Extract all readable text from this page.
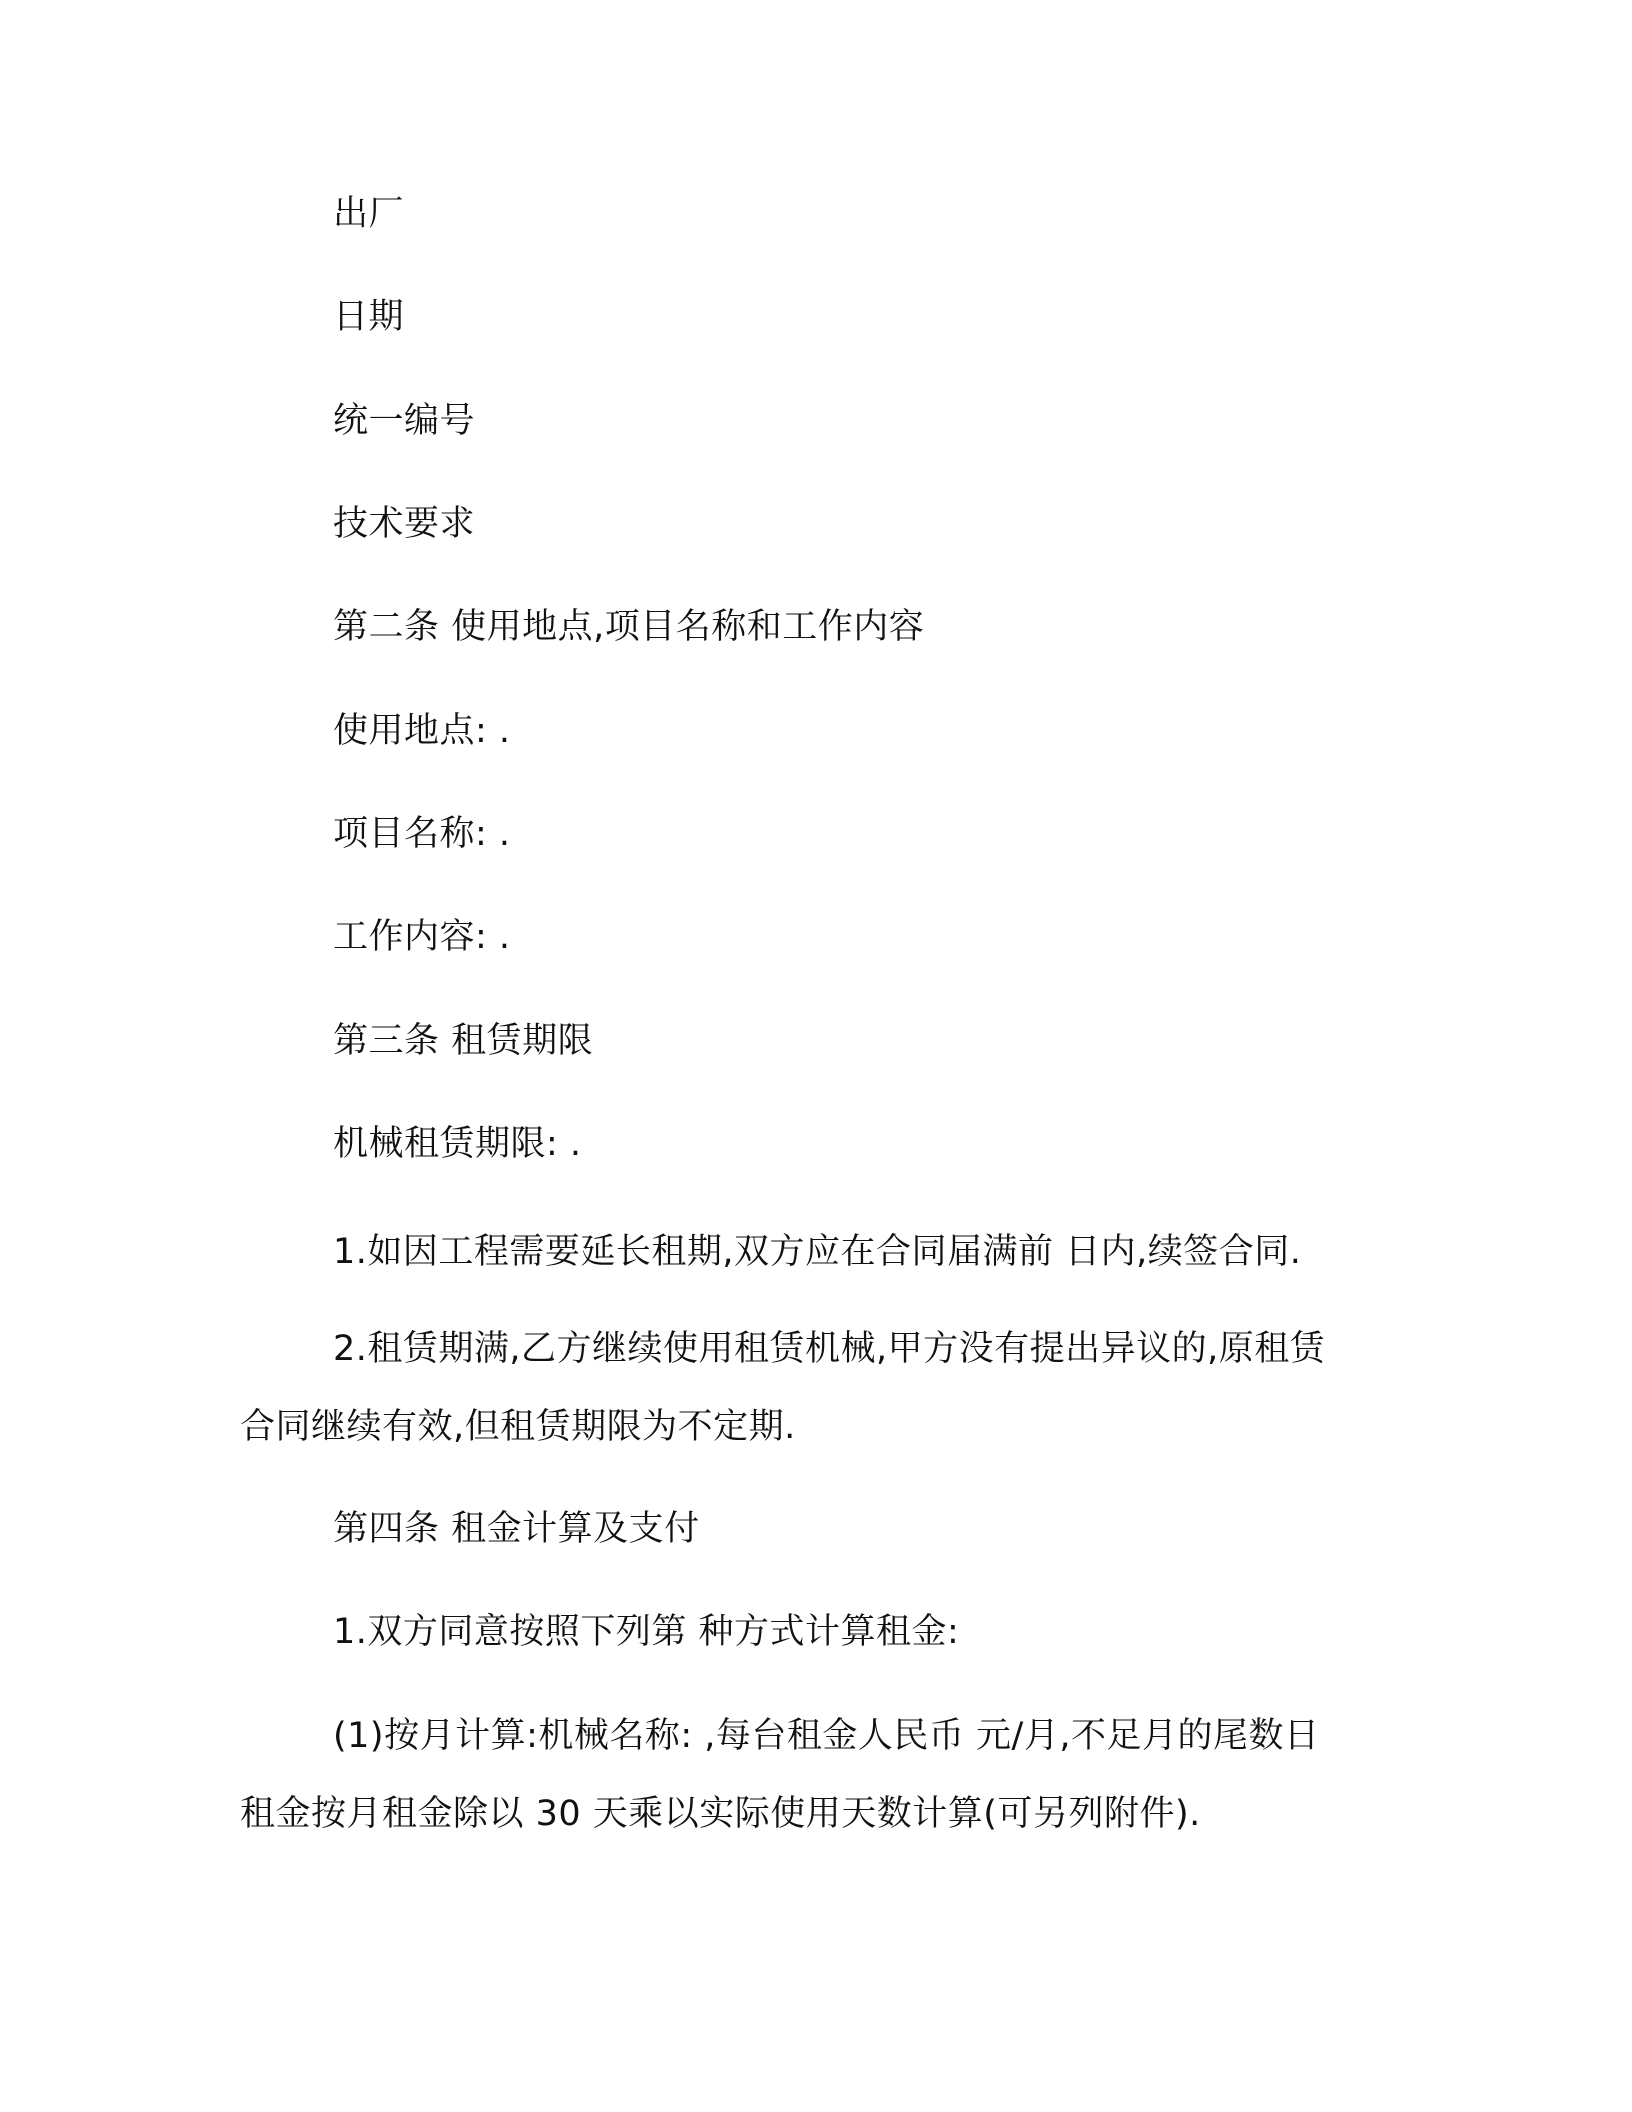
出厂

日期

统一编号

技术要求

第二条 使用地点,项目名称和工作内容

使用地点: .

项目名称: .

工作内容: .

第三条 租赁期限

机械租赁期限: .

1.如因工程需要延长租期,双方应在合同届满前 日内,续签合同.

2.租赁期满,乙方继续使用租赁机械,甲方没有提出异议的,原租赁

合同继续有效,但租赁期限为不定期.

第四条 租金计算及支付

1.双方同意按照下列第 种方式计算租金:

(1)按月计算:机械名称: ,每台租金人民币 元/月,不足月的尾数日

租金按月租金除以 30 天乘以实际使用天数计算(可另列附件).
